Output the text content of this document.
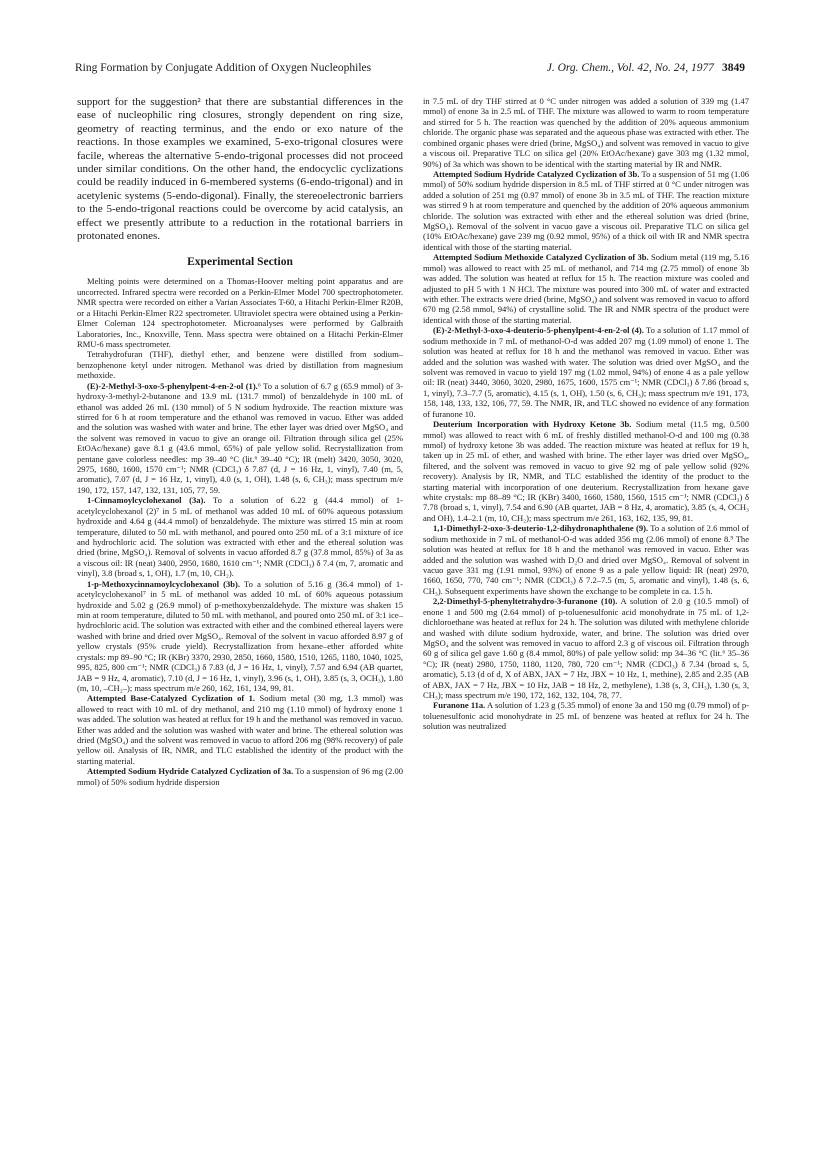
Ring Formation by Conjugate Addition of Oxygen Nucleophiles	J. Org. Chem., Vol. 42, No. 24, 1977 3849

support for the suggestion² that there are substantial differences in the ease of nucleophilic ring closures, strongly dependent on ring size, geometry of reacting terminus, and the endo or exo nature of the reactions. In those examples we examined, 5-exo-trigonal closures were facile, whereas the alternative 5-endo-trigonal processes did not proceed under similar conditions. On the other hand, the endocyclic cyclizations could be readily induced in 6-membered systems (6-endo-trigonal) and in acetylenic systems (5-endo-digonal). Finally, the stereoelectronic barriers to the 5-endo-trigonal reactions could be overcome by acid catalysis, an effect we presently attribute to a reduction in the rotational barriers in protonated enones.

Experimental Section

Melting points were determined on a Thomas-Hoover melting point apparatus and are uncorrected. Infrared spectra were recorded on a Perkin-Elmer Model 700 spectrophotometer. NMR spectra were recorded on either a Varian Associates T-60, a Hitachi Perkin-Elmer R20B, or a Hitachi Perkin-Elmer R22 spectrometer. Ultraviolet spectra were obtained using a Perkin-Elmer Coleman 124 spectrophotometer. Microanalyses were performed by Galbraith Laboratories, Inc., Knoxville, Tenn. Mass spectra were obtained on a Hitachi Perkin-Elmer RMU-6 mass spectrometer.

Tetrahydrofuran (THF), diethyl ether, and benzene were distilled from sodium–benzophenone ketyl under nitrogen. Methanol was dried by distillation from magnesium methoxide.

(E)-2-Methyl-3-oxo-5-phenylpent-4-en-2-ol (1).⁶ To a solution of 6.7 g (65.9 mmol) of 3-hydroxy-3-methyl-2-butanone and 13.9 mL (131.7 mmol) of benzaldehyde in 100 mL of ethanol was added 26 mL (130 mmol) of 5 N sodium hydroxide. The reaction mixture was stirred for 6 h at room temperature and the ethanol was removed in vacuo. Ether was added and the solution was washed with water and brine. The ether layer was dried over MgSO₄ and the solvent was removed in vacuo to give an orange oil. Filtration through silica gel (25% EtOAc/hexane) gave 8.1 g (43.6 mmol, 65%) of pale yellow solid. Recrystallization from pentane gave colorless needles: mp 39–40 °C (lit.⁶ 39–40 °C); IR (melt) 3420, 3050, 3020, 2975, 1680, 1600, 1570 cm⁻¹; NMR (CDCl₃) δ 7.87 (d, J = 16 Hz, 1, vinyl), 7.40 (m, 5, aromatic), 7.07 (d, J = 16 Hz, 1, vinyl), 4.0 (s, 1, OH), 1.48 (s, 6, CH₃); mass spectrum m/e 190, 172, 157, 147, 132, 131, 105, 77, 59.

1-Cinnamoylcyclohexanol (3a). To a solution of 6.22 g (44.4 mmol) of 1-acetylcyclohexanol (2)⁷ in 5 mL of methanol was added 10 mL of 60% aqueous potassium hydroxide and 4.64 g (44.4 mmol) of benzaldehyde. The mixture was stirred 15 min at room temperature, diluted to 50 mL with methanol, and poured onto 250 mL of a 3:1 mixture of ice and hydrochloric acid. The solution was extracted with ether and the ethereal solution was dried (brine, MgSO₄). Removal of solvents in vacuo afforded 8.7 g (37.8 mmol, 85%) of 3a as a viscous oil: IR (neat) 3400, 2950, 1680, 1610 cm⁻¹; NMR (CDCl₃) δ 7.4 (m, 7, aromatic and vinyl), 3.8 (broad s, 1, OH), 1.7 (m, 10, CH₂).

1-p-Methoxycinnamoylcyclohexanol (3b). To a solution of 5.16 g (36.4 mmol) of 1-acetylcyclohexanol⁷ in 5 mL of methanol was added 10 mL of 60% aqueous potassium hydroxide and 5.02 g (26.9 mmol) of p-methoxybenzaldehyde. The mixture was shaken 15 min at room temperature, diluted to 50 mL with methanol, and poured onto 250 mL of 3:1 ice–hydrochloric acid. The solution was extracted with ether and the combined ethereal layers were washed with brine and dried over MgSO₄. Removal of the solvent in vacuo afforded 8.97 g of yellow crystals (95% crude yield). Recrystallization from hexane–ether afforded white crystals: mp 89–90 °C; IR (KBr) 3370, 2930, 2850, 1660, 1580, 1510, 1265, 1180, 1040, 1025, 995, 825, 800 cm⁻¹; NMR (CDCl₃) δ 7.83 (d, J = 16 Hz, 1, vinyl), 7.57 and 6.94 (AB quartet, JAB = 9 Hz, 4, aromatic), 7.10 (d, J = 16 Hz, 1, vinyl), 3.96 (s, 1, OH), 3.85 (s, 3, OCH₃), 1.80 (m, 10, –CH₂–); mass spectrum m/e 260, 162, 161, 134, 99, 81.

Attempted Base-Catalyzed Cyclization of 1. Sodium metal (30 mg, 1.3 mmol) was allowed to react with 10 mL of dry methanol, and 210 mg (1.10 mmol) of hydroxy enone 1 was added. The solution was heated at reflux for 19 h and the methanol was removed in vacuo. Ether was added and the solution was washed with water and brine. The ethereal solution was dried (MgSO₄) and the solvent was removed in vacuo to afford 206 mg (98% recovery) of pale yellow oil. Analysis of IR, NMR, and TLC established the identity of the product with the starting material.

Attempted Sodium Hydride Catalyzed Cyclization of 3a. To a suspension of 96 mg (2.00 mmol) of 50% sodium hydride dispersion

in 7.5 mL of dry THF stirred at 0 °C under nitrogen was added a solution of 339 mg (1.47 mmol) of enone 3a in 2.5 mL of THF. The mixture was allowed to warm to room temperature and stirred for 5 h. The reaction was quenched by the addition of 20% aqueous ammonium chloride. The organic phase was separated and the aqueous phase was extracted with ether. The combined organic phases were dried (brine, MgSO₄) and solvent was removed in vacuo to give a viscous oil. Preparative TLC on silica gel (20% EtOAc/hexane) gave 303 mg (1.32 mmol, 90%) of 3a which was shown to be identical with the starting material by IR and NMR.

Attempted Sodium Hydride Catalyzed Cyclization of 3b. To a suspension of 51 mg (1.06 mmol) of 50% sodium hydride dispersion in 8.5 mL of THF stirred at 0 °C under nitrogen was added a solution of 251 mg (0.97 mmol) of enone 3b in 3.5 mL of THF. The reaction mixture was stirred 9 h at room temperature and quenched by the addition of 20% aqueous ammonium chloride. The solution was extracted with ether and the ethereal solution was dried (brine, MgSO₄). Removal of the solvent in vacuo gave a viscous oil. Preparative TLC on silica gel (10% EtOAc/hexane) gave 239 mg (0.92 mmol, 95%) of a thick oil with IR and NMR spectra identical with those of the starting material.

Attempted Sodium Methoxide Catalyzed Cyclization of 3b. Sodium metal (119 mg, 5.16 mmol) was allowed to react with 25 mL of methanol, and 714 mg (2.75 mmol) of enone 3b was added. The solution was heated at reflux for 15 h. The reaction mixture was cooled and adjusted to pH 5 with 1 N HCl. The mixture was poured into 300 mL of water and extracted with ether. The extracts were dried (brine, MgSO₄) and solvent was removed in vacuo to afford 670 mg (2.58 mmol, 94%) of crystalline solid. The IR and NMR spectra of the product were identical with those of the starting material.

(E)-2-Methyl-3-oxo-4-deuterio-5-phenylpent-4-en-2-ol (4). To a solution of 1.17 mmol of sodium methoxide in 7 mL of methanol-O-d was added 207 mg (1.09 mmol) of enone 1. The solution was heated at reflux for 18 h and the methanol was removed in vacuo. Ether was added and the solution was washed with water. The solution was dried over MgSO₄ and the solvent was removed in vacuo to yield 197 mg (1.02 mmol, 94%) of enone 4 as a pale yellow oil: IR (neat) 3440, 3060, 3020, 2980, 1675, 1600, 1575 cm⁻¹; NMR (CDCl₃) δ 7.86 (broad s, 1, vinyl), 7.3–7.7 (5, aromatic), 4.15 (s, 1, OH), 1.50 (s, 6, CH₃); mass spectrum m/e 191, 173, 158, 148, 133, 132, 106, 77, 59. The NMR, IR, and TLC showed no evidence of any formation of furanone 10.

Deuterium Incorporation with Hydroxy Ketone 3b. Sodium metal (11.5 mg, 0.500 mmol) was allowed to react with 6 mL of freshly distilled methanol-O-d and 100 mg (0.38 mmol) of hydroxy ketone 3b was added. The reaction mixture was heated at reflux for 19 h, taken up in 25 mL of ether, and washed with brine. The ether layer was dried over MgSO₄, filtered, and the solvent was removed in vacuo to give 92 mg of pale yellow solid (92% recovery). Analysis by IR, NMR, and TLC established the identity of the product to the starting material with incorporation of one deuterium. Recrystallization from hexane gave white crystals: mp 88–89 °C; IR (KBr) 3400, 1660, 1580, 1560, 1515 cm⁻¹; NMR (CDCl₃) δ 7.78 (broad s, 1, vinyl), 7.54 and 6.90 (AB quartet, JAB = 8 Hz, 4, aromatic), 3.85 (s, 4, OCH₃ and OH), 1.4–2.1 (m, 10, CH₂); mass spectrum m/e 261, 163, 162, 135, 99, 81.

1,1-Dimethyl-2-oxo-3-deuterio-1,2-dihydronaphthalene (9). To a solution of 2.6 mmol of sodium methoxide in 7 mL of methanol-O-d was added 356 mg (2.06 mmol) of enone 8.⁹ The solution was heated at reflux for 18 h and the methanol was removed in vacuo. Ether was added and the solution was washed with D₂O and dried over MgSO₄. Removal of solvent in vacuo gave 331 mg (1.91 mmol, 93%) of enone 9 as a pale yellow liquid: IR (neat) 2970, 1660, 1650, 770, 740 cm⁻¹; NMR (CDCl₃) δ 7.2–7.5 (m, 5, aromatic and vinyl), 1.48 (s, 6, CH₃). Subsequent experiments have shown the exchange to be complete in ca. 1.5 h.

2,2-Dimethyl-5-phenyltetrahydro-3-furanone (10). A solution of 2.0 g (10.5 mmol) of enone 1 and 500 mg (2.64 mmol) of p-toluenesulfonic acid monohydrate in 75 mL of 1,2-dichloroethane was heated at reflux for 24 h. The solution was diluted with methylene chloride and washed with dilute sodium hydroxide, water, and brine. The solution was dried over MgSO₄ and the solvent was removed in vacuo to afford 2.3 g of viscous oil. Filtration through 60 g of silica gel gave 1.60 g (8.4 mmol, 80%) of pale yellow solid: mp 34–36 °C (lit.⁶ 35–36 °C); IR (neat) 2980, 1750, 1180, 1120, 780, 720 cm⁻¹; NMR (CDCl₃) δ 7.34 (broad s, 5, aromatic), 5.13 (d of d, X of ABX, JAX = 7 Hz, JBX = 10 Hz, 1, methine), 2.85 and 2.35 (AB of ABX, JAX = 7 Hz, JBX = 10 Hz, JAB = 18 Hz, 2, methylene), 1.38 (s, 3, CH₃), 1.30 (s, 3, CH₃); mass spectrum m/e 190, 172, 162, 132, 104, 78, 77.

Furanone 11a. A solution of 1.23 g (5.35 mmol) of enone 3a and 150 mg (0.79 mmol) of p-toluenesulfonic acid monohydrate in 25 mL of benzene was heated at reflux for 24 h. The solution was neutralized
